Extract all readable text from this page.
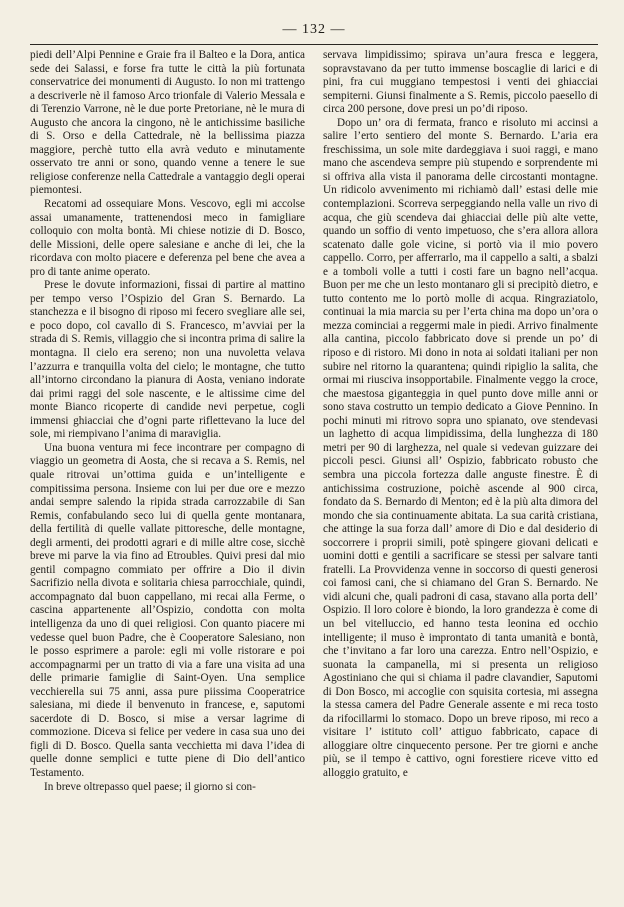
— 132 —

piedi dell’Alpi Pennine e Graie fra il Balteo e la Dora, antica sede dei Salassi, e forse fra tutte le città la più fortunata conservatrice dei monumenti di Augusto. Io non mi trattengo a descriverle nè il famoso Arco trionfale di Valerio Messala e di Terenzio Varrone, nè le due porte Pretoriane, nè le mura di Augusto che ancora la cingono, nè le antichissime basiliche di S. Orso e della Cattedrale, nè la bellissima piazza maggiore, perchè tutto ella avrà veduto e minutamente osservato tre anni or sono, quando venne a tenere le sue religiose conferenze nella Cattedrale a vantaggio degli operai piemontesi.

Recatomi ad ossequiare Mons. Vescovo, egli mi accolse assai umanamente, trattenendosi meco in famigliare colloquio con molta bontà. Mi chiese notizie di D. Bosco, delle Missioni, delle opere salesiane e anche di lei, che la ricordava con molto piacere e deferenza pel bene che avea a pro di tante anime operato.

Prese le dovute informazioni, fissai di partire al mattino per tempo verso l’Ospizio del Gran S. Bernardo. La stanchezza e il bisogno di riposo mi fecero svegliare alle sei, e poco dopo, col cavallo di S. Francesco, m’avviai per la strada di S. Remis, villaggio che si incontra prima di salire la montagna. Il cielo era sereno; non una nuvoletta velava l’azzurra e tranquilla volta del cielo; le montagne, che tutto all’intorno circondano la pianura di Aosta, veniano indorate dai primi raggi del sole nascente, e le altissime cime del monte Bianco ricoperte di candide nevi perpetue, cogli immensi ghiacciai che d’ogni parte riflettevano la luce del sole, mi riempivano l’anima di maraviglia.

Una buona ventura mi fece incontrare per compagno di viaggio un geometra di Aosta, che si recava a S. Remis, nel quale ritrovai un’ottima guida e un’intelligente e compitissima persona. Insieme con lui per due ore e mezzo andai sempre salendo la ripida strada carrozzabile di San Remis, confabulando seco lui di quella gente montanara, della fertilità di quelle vallate pittoresche, delle montagne, degli armenti, dei prodotti agrari e di mille altre cose, sicchè breve mi parve la via fino ad Etroubles. Quivi presi dal mio gentil compagno commiato per offrire a Dio il divin Sacrifizio nella divota e solitaria chiesa parrocchiale, quindi, accompagnato dal buon cappellano, mi recai alla Ferme, o cascina appartenente all’Ospizio, condotta con molta intelligenza da uno di quei religiosi. Con quanto piacere mi vedesse quel buon Padre, che è Cooperatore Salesiano, non le posso esprimere a parole: egli mi volle ristorare e poi accompagnarmi per un tratto di via a fare una visita ad una delle primarie famiglie di Saint-Oyen. Una semplice vecchierella sui 75 anni, assa pure piissima Cooperatrice salesiana, mi diede il benvenuto in francese, e, saputomi sacerdote di D. Bosco, si mise a versar lagrime di commozione. Diceva si felice per vedere in casa sua uno dei figli di D. Bosco. Quella santa vecchietta mi dava l’idea di quelle donne semplici e tutte piene di Dio dell’antico Testamento.

In breve oltrepasso quel paese; il giorno si con-

servava limpidissimo; spirava un’aura fresca e leggera, sopravstavano da per tutto immense boscaglie di larici e di pini, fra cui muggiano tempestosi i venti dei ghiacciai sempiterni. Giunsi finalmente a S. Remis, piccolo paesello di circa 200 persone, dove presi un po’di riposo.

Dopo un’ ora di fermata, franco e risoluto mi accinsi a salire l’erto sentiero del monte S. Bernardo. L’aria era freschissima, un sole mite dardeggiava i suoi raggi, e mano mano che ascendeva sempre più stupendo e sorprendente mi si offriva alla vista il panorama delle circostanti montagne. Un ridicolo avvenimento mi richiamò dall’ estasi delle mie contemplazioni. Scorreva serpeggiando nella valle un rivo di acqua, che giù scendeva dai ghiacciai delle più alte vette, quando un soffio di vento impetuoso, che s’era allora allora scatenato dalle gole vicine, si portò via il mio povero cappello. Corro, per afferrarlo, ma il cappello a salti, a sbalzi e a tomboli volle a tutti i costi fare un bagno nell’acqua. Buon per me che un lesto montanaro gli si precipitò dietro, e tutto contento me lo portò molle di acqua. Ringraziatolo, continuai la mia marcia su per l’erta china ma dopo un’ora o mezza cominciai a reggermi male in piedi. Arrivo finalmente alla cantina, piccolo fabbricato dove si prende un po’ di riposo e di ristoro. Mi dono in nota ai soldati italiani per non subire nel ritorno la quarantena; quindi ripiglio la salita, che ormai mi riusciva insopportabile. Finalmente veggo la croce, che maestosa giganteggia in quel punto dove mille anni or sono stava costrutto un tempio dedicato a Giove Pennino. In pochi minuti mi ritrovo sopra uno spianato, ove stendevasi un laghetto di acqua limpidissima, della lunghezza di 180 metri per 90 di larghezza, nel quale si vedevan guizzare dei piccoli pesci. Giunsi all’ Ospizio, fabbricato robusto che sembra una piccola fortezza dalle anguste finestre. È di antichissima costruzione, poichè ascende al 900 circa, fondato da S. Bernardo di Menton; ed è la più alta dimora del mondo che sia continuamente abitata. La sua carità cristiana, che attinge la sua forza dall’ amore di Dio e dal desiderio di soccorrere i proprii simili, potè spingere giovani delicati e uomini dotti e gentili a sacrificare se stessi per salvare tanti fratelli. La Provvidenza venne in soccorso di questi generosi coi famosi cani, che si chiamano del Gran S. Bernardo. Ne vidi alcuni che, quali padroni di casa, stavano alla porta dell’ Ospizio. Il loro colore è biondo, la loro grandezza è come di un bel vitelluccio, ed hanno testa leonina ed occhio intelligente; il muso è improntato di tanta umanità e bontà, che t’invitano a far loro una carezza. Entro nell’Ospizio, e suonata la campanella, mi si presenta un religioso Agostiniano che qui si chiama il padre clavandier, Saputomi di Don Bosco, mi accoglie con squisita cortesia, mi assegna la stessa camera del Padre Generale assente e mi reca tosto da rifocillarmi lo stomaco. Dopo un breve riposo, mi reco a visitare l’ istituto coll’ attiguo fabbricato, capace di alloggiare oltre cinquecento persone. Per tre giorni e anche più, se il tempo è cattivo, ogni forestiere riceve vitto ed alloggio gratuito, e
